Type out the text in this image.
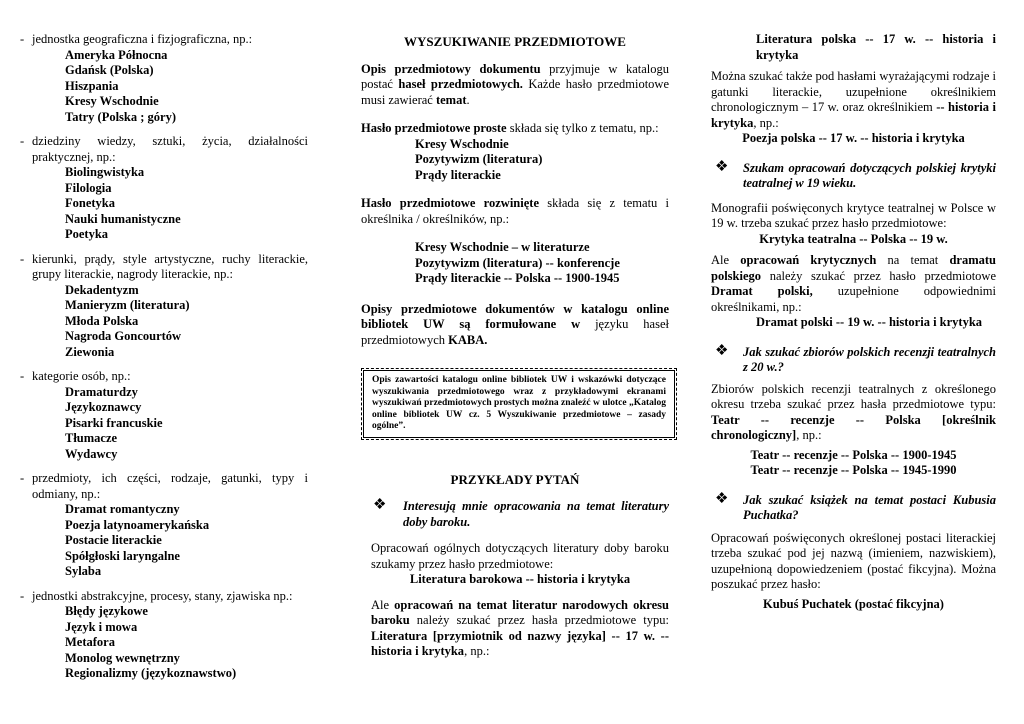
- jednostka geograficzna i fizjograficzna, np.:
Ameryka Północna
Gdańsk (Polska)
Hiszpania
Kresy Wschodnie
Tatry (Polska ; góry)
- dziedziny wiedzy, sztuki, życia, działalności praktycznej, np.:
Biolingwistyka
Filologia
Fonetyka
Nauki humanistyczne
Poetyka
- kierunki, prądy, style artystyczne, ruchy literackie, grupy literackie, nagrody literackie, np.:
Dekadentyzm
Manieryzm (literatura)
Młoda Polska
Nagroda Goncourtów
Ziewonia
- kategorie osób, np.:
Dramaturdzy
Językoznawcy
Pisarki francuskie
Tłumacze
Wydawcy
- przedmioty, ich części, rodzaje, gatunki, typy i odmiany, np.:
Dramat romantyczny
Poezja latynoamerykańska
Postacie literackie
Spółgłoski laryngalne
Sylaba
- jednostki abstrakcyjne, procesy, stany, zjawiska np.:
Błędy językowe
Język i mowa
Metafora
Monolog wewnętrzny
Regionalizmy (językoznawstwo)
WYSZUKIWANIE PRZEDMIOTOWE
Opis przedmiotowy dokumentu przyjmuje w katalogu postać haseł przedmiotowych. Każde hasło przedmiotowe musi zawierać temat.
Hasło przedmiotowe proste składa się tylko z tematu, np.:
Kresy Wschodnie
Pozytywizm (literatura)
Prądy literackie
Hasło przedmiotowe rozwinięte składa się z tematu i określnika / określników, np.:
Kresy Wschodnie – w literaturze
Pozytywizm (literatura) -- konferencje
Prądy literackie -- Polska -- 1900-1945
Opisy przedmiotowe dokumentów w katalogu online bibliotek UW są formułowane w języku haseł przedmiotowych KABA.
Opis zawartości katalogu online bibliotek UW i wskazówki dotyczące wyszukiwania przedmiotowego wraz z przykładowymi ekranami wyszukiwań przedmiotowych prostych można znaleźć w ulotce „Katalog online bibliotek UW cz. 5 Wyszukiwanie przedmiotowe – zasady ogólne”.
PRZYKŁADY PYTAŃ
❖ Interesują mnie opracowania na temat literatury doby baroku.
Opracowań ogólnych dotyczących literatury doby baroku szukamy przez hasło przedmiotowe:
Literatura barokowa -- historia i krytyka
Ale opracowań na temat literatur narodowych okresu baroku należy szukać przez hasła przedmiotowe typu: Literatura [przymiotnik od nazwy języka] -- 17 w. -- historia i krytyka, np.:
Literatura polska -- 17 w. -- historia i krytyka
Można szukać także pod hasłami wyrażającymi rodzaje i gatunki literackie, uzupełnione określnikiem chronologicznym – 17 w. oraz określnikiem -- historia i krytyka, np.:
Poezja polska -- 17 w. -- historia i krytyka
❖ Szukam opracowań dotyczących polskiej krytyki teatralnej w 19 wieku.
Monografii poświęconych krytyce teatralnej w Polsce w 19 w. trzeba szukać przez hasło przedmiotowe:
Krytyka teatralna -- Polska -- 19 w.
Ale opracowań krytycznych na temat dramatu polskiego należy szukać przez hasło przedmiotowe Dramat polski, uzupełnione odpowiednimi określnikami, np.:
Dramat polski -- 19 w. -- historia i krytyka
❖ Jak szukać zbiorów polskich recenzji teatralnych z 20 w.?
Zbiorów polskich recenzji teatralnych z określonego okresu trzeba szukać przez hasła przedmiotowe typu: Teatr -- recenzje -- Polska [określnik chronologiczny], np.:
Teatr -- recenzje -- Polska -- 1900-1945
Teatr -- recenzje -- Polska -- 1945-1990
❖ Jak szukać książek na temat postaci Kubusia Puchatka?
Opracowań poświęconych określonej postaci literackiej trzeba szukać pod jej nazwą (imieniem, nazwiskiem), uzupełnioną dopowiedzeniem (postać fikcyjna). Można poszukać przez hasło:
Kubuś Puchatek (postać fikcyjna)
